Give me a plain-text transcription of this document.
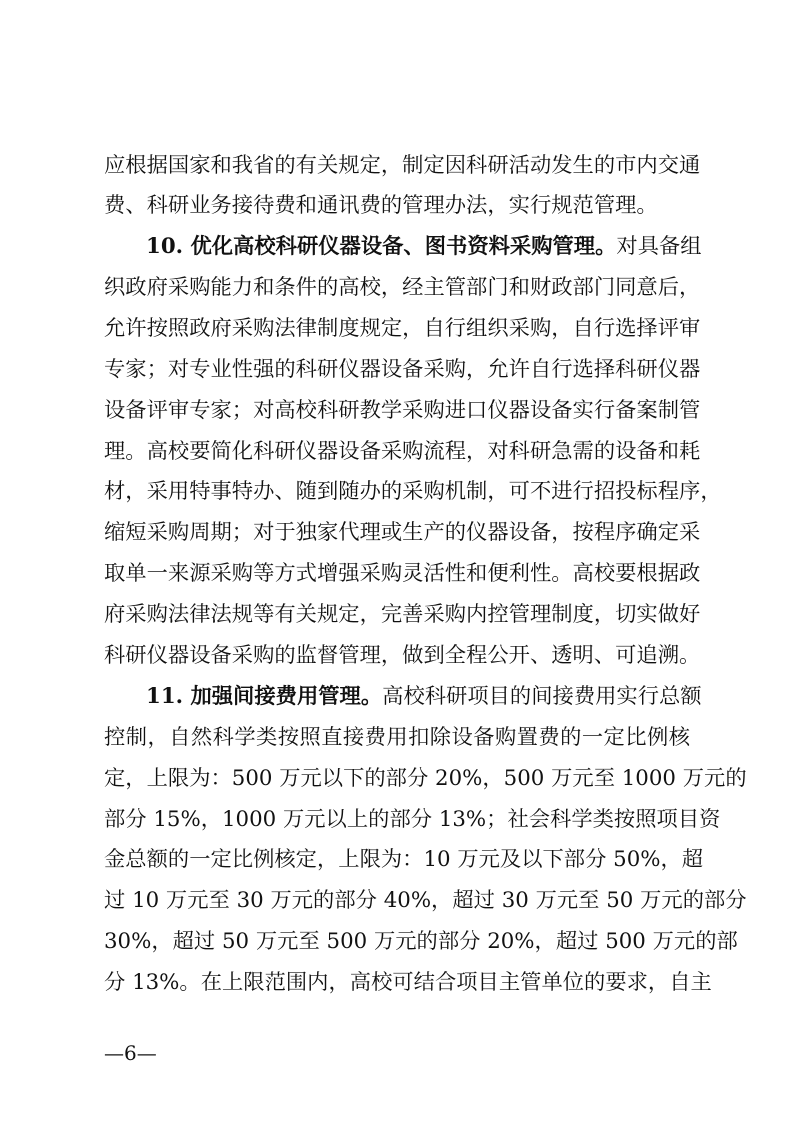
应根据国家和我省的有关规定，制定因科研活动发生的市内交通
费、科研业务接待费和通讯费的管理办法，实行规范管理。
10. 优化高校科研仪器设备、图书资料采购管理。对具备组
织政府采购能力和条件的高校，经主管部门和财政部门同意后，
允许按照政府采购法律制度规定，自行组织采购，自行选择评审
专家；对专业性强的科研仪器设备采购，允许自行选择科研仪器
设备评审专家；对高校科研教学采购进口仪器设备实行备案制管
理。高校要简化科研仪器设备采购流程，对科研急需的设备和耗
材，采用特事特办、随到随办的采购机制，可不进行招投标程序，
缩短采购周期；对于独家代理或生产的仪器设备，按程序确定采
取单一来源采购等方式增强采购灵活性和便利性。高校要根据政
府采购法律法规等有关规定，完善采购内控管理制度，切实做好
科研仪器设备采购的监督管理，做到全程公开、透明、可追溯。
11. 加强间接费用管理。高校科研项目的间接费用实行总额
控制，自然科学类按照直接费用扣除设备购置费的一定比例核
定，上限为：500 万元以下的部分 20%，500 万元至 1000 万元的
部分 15%，1000 万元以上的部分 13%；社会科学类按照项目资
金总额的一定比例核定，上限为：10 万元及以下部分 50%，超
过 10 万元至 30 万元的部分 40%，超过 30 万元至 50 万元的部分
30%，超过 50 万元至 500 万元的部分 20%，超过 500 万元的部
分 13%。在上限范围内，高校可结合项目主管单位的要求，自主
—6—
